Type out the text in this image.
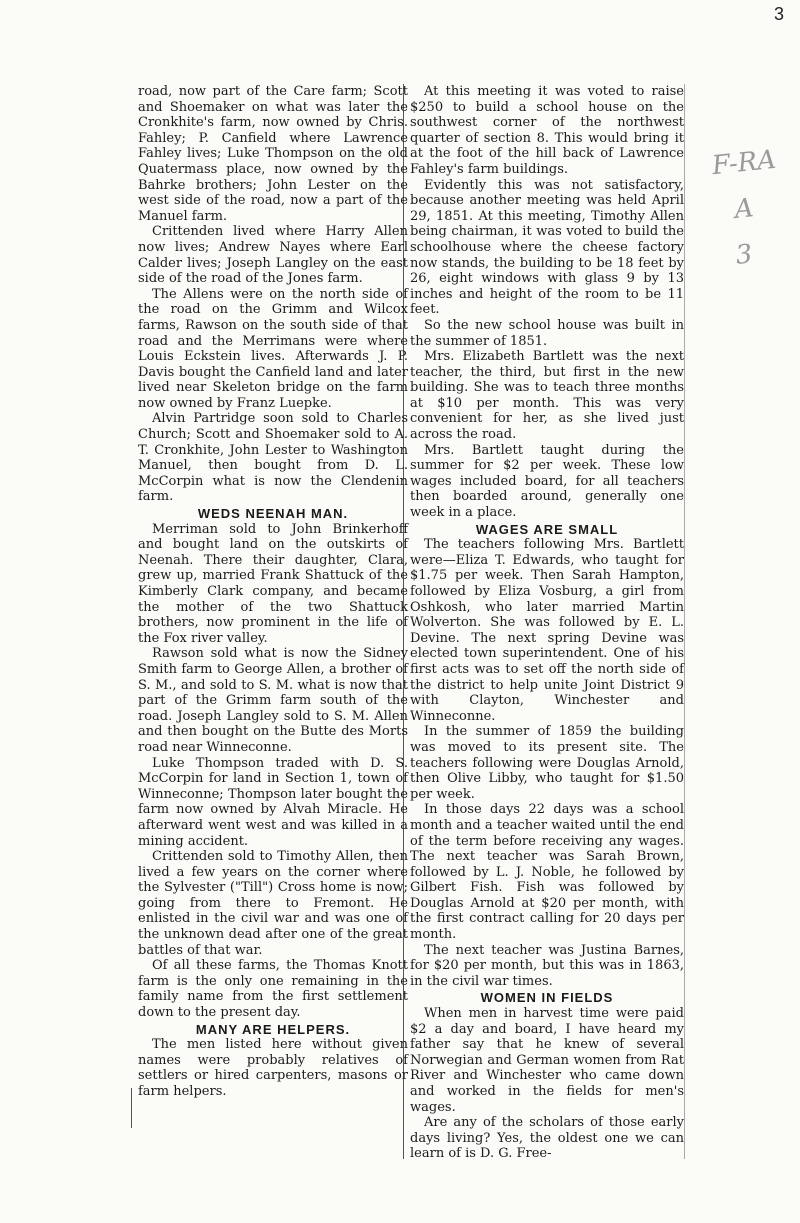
3
F-RA
A
3

road, now part of the Care farm; Scott and Shoemaker on what was later the Cronkhite's farm, now owned by Chris. Fahley; P. Canfield where Lawrence Fahley lives; Luke Thompson on the old Quatermass place, now owned by the Bahrke brothers; John Lester on the west side of the road, now a part of the Manuel farm.

Crittenden lived where Harry Allen now lives; Andrew Nayes where Earl Calder lives; Joseph Langley on the east side of the road of the Jones farm.

The Allens were on the north side of the road on the Grimm and Wilcox farms, Rawson on the south side of that road and the Merrimans were where Louis Eckstein lives. Afterwards J. P. Davis bought the Canfield land and later lived near Skeleton bridge on the farm now owned by Franz Luepke.

Alvin Partridge soon sold to Charles Church; Scott and Shoemaker sold to A. T. Cronkhite, John Lester to Washington Manuel, then bought from D. L. McCorpin what is now the Clendenin farm.

WEDS NEENAH MAN.

Merriman sold to John Brinkerhoff and bought land on the outskirts of Neenah. There their daughter, Clara, grew up, married Frank Shattuck of the Kimberly Clark company, and became the mother of the two Shattuck brothers, now prominent in the life of the Fox river valley.

Rawson sold what is now the Sidney Smith farm to George Allen, a brother of S. M., and sold to S. M. what is now that part of the Grimm farm south of the road. Joseph Langley sold to S. M. Allen and then bought on the Butte des Morts road near Winneconne.

Luke Thompson traded with D. S. McCorpin for land in Section 1, town of Winneconne; Thompson later bought the farm now owned by Alvah Miracle. He afterward went west and was killed in a mining accident.

Crittenden sold to Timothy Allen, then lived a few years on the corner where the Sylvester ("Till") Cross home is now; going from there to Fremont. He enlisted in the civil war and was one of the unknown dead after one of the great battles of that war.

Of all these farms, the Thomas Knott farm is the only one remaining in the family name from the first settlement down to the present day.

MANY ARE HELPERS.

The men listed here without given names were probably relatives of settlers or hired carpenters, masons or farm helpers.

At this meeting it was voted to raise $250 to build a school house on the southwest corner of the northwest quarter of section 8. This would bring it at the foot of the hill back of Lawrence Fahley's farm buildings.

Evidently this was not satisfactory, because another meeting was held April 29, 1851. At this meeting, Timothy Allen being chairman, it was voted to build the schoolhouse where the cheese factory now stands, the building to be 18 feet by 26, eight windows with glass 9 by 13 inches and height of the room to be 11 feet.

So the new school house was built in the summer of 1851.

Mrs. Elizabeth Bartlett was the next teacher, the third, but first in the new building. She was to teach three months at $10 per month. This was very convenient for her, as she lived just across the road.

Mrs. Bartlett taught during the summer for $2 per week. These low wages included board, for all teachers then boarded around, generally one week in a place.

WAGES ARE SMALL

The teachers following Mrs. Bartlett were—Eliza T. Edwards, who taught for $1.75 per week. Then Sarah Hampton, followed by Eliza Vosburg, a girl from Oshkosh, who later married Martin Wolverton. She was followed by E. L. Devine. The next spring Devine was elected town superintendent. One of his first acts was to set off the north side of the district to help unite Joint District 9 with Clayton, Winchester and Winneconne.

In the summer of 1859 the building was moved to its present site. The teachers following were Douglas Arnold, then Olive Libby, who taught for $1.50 per week.

In those days 22 days was a school month and a teacher waited until the end of the term before receiving any wages. The next teacher was Sarah Brown, followed by L. J. Noble, he followed by Gilbert Fish. Fish was followed by Douglas Arnold at $20 per month, with the first contract calling for 20 days per month.

The next teacher was Justina Barnes, for $20 per month, but this was in 1863, in the civil war times.

WOMEN IN FIELDS

When men in harvest time were paid $2 a day and board, I have heard my father say that he knew of several Norwegian and German women from Rat River and Winchester who came down and worked in the fields for men's wages.

Are any of the scholars of those early days living? Yes, the oldest one we can learn of is D. G. Free-
